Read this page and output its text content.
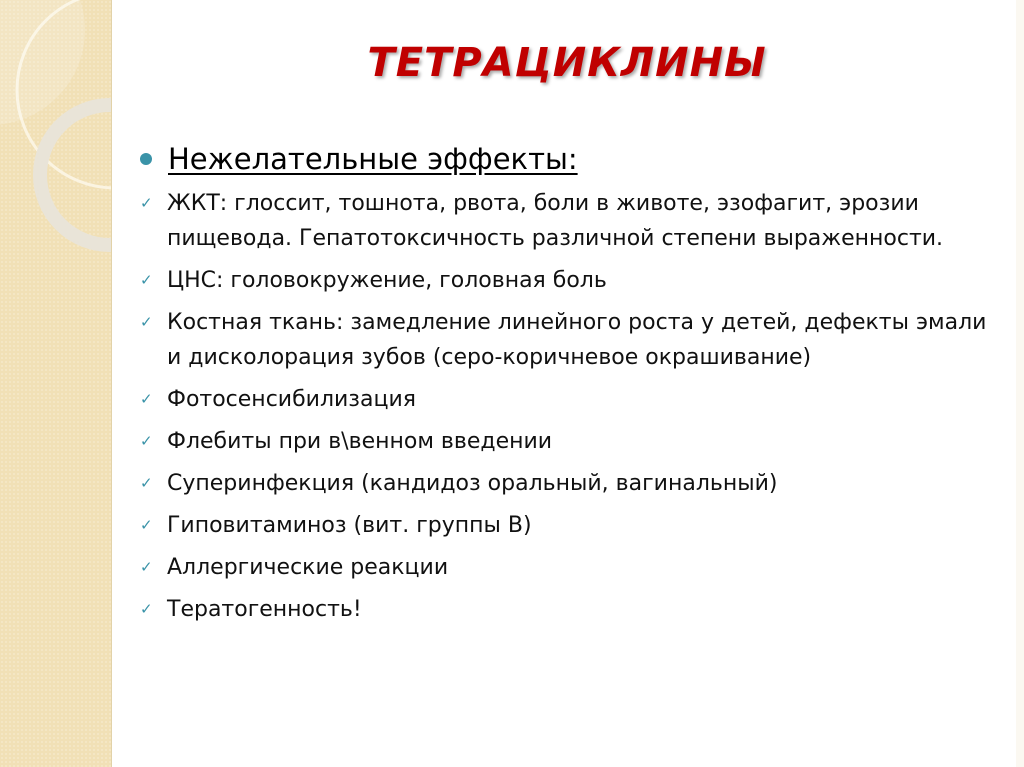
ТЕТРАЦИКЛИНЫ
Нежелательные эффекты:
✓ ЖКТ: глоссит, тошнота, рвота, боли в животе, эзофагит, эрозии пищевода. Гепатотоксичность различной степени выраженности.
✓ ЦНС: головокружение, головная боль
✓ Костная ткань: замедление линейного роста у детей, дефекты эмали и дисколорация зубов (серо-коричневое окрашивание)
✓ Фотосенсибилизация
✓ Флебиты при в\венном введении
✓ Суперинфекция (кандидоз оральный, вагинальный)
✓ Гиповитаминоз (вит. группы В)
✓ Аллергические реакции
✓ Тератогенность!
